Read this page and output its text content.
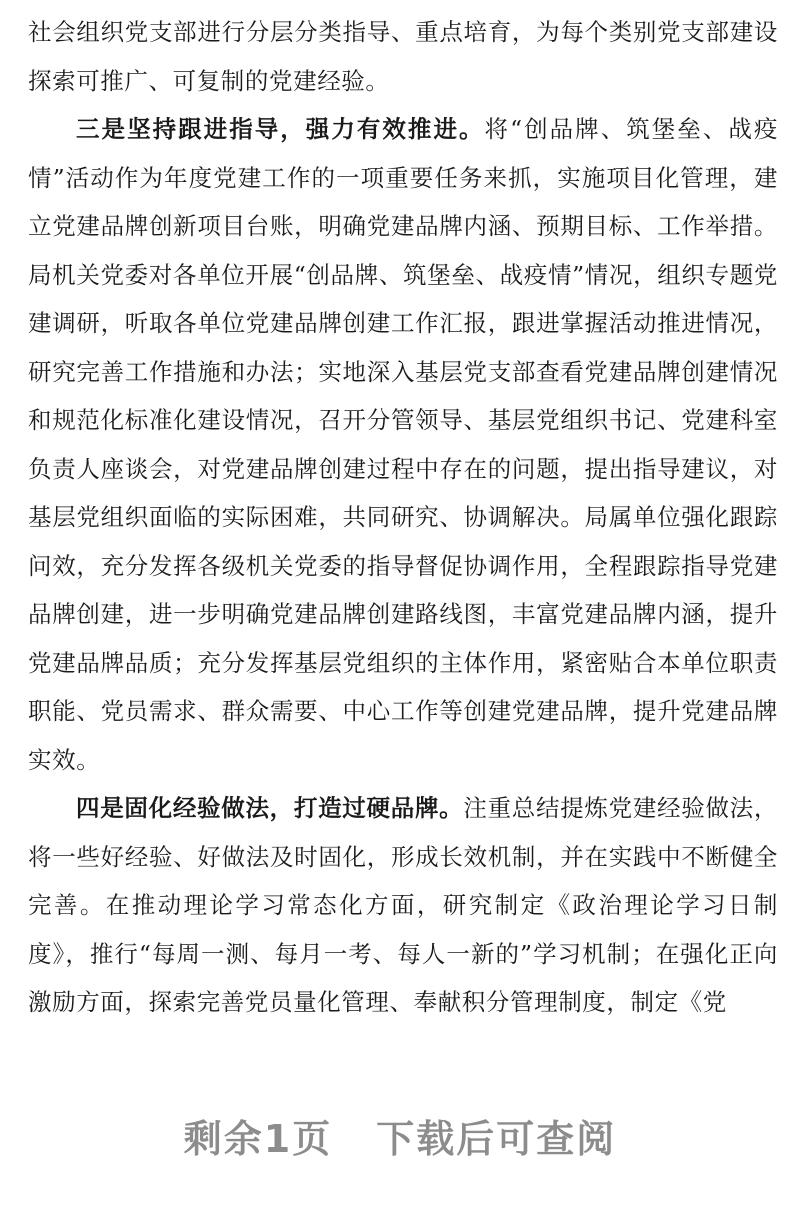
社会组织党支部进行分层分类指导、重点培育，为每个类别党支部建设探索可推广、可复制的党建经验。

三是坚持跟进指导，强力有效推进。将“创品牌、筑堡垒、战疫情”活动作为年度党建工作的一项重要任务来抓，实施项目化管理，建立党建品牌创新项目台账，明确党建品牌内涵、预期目标、工作举措。局机关党委对各单位开展“创品牌、筑堡垒、战疫情”情况，组织专题党建调研，听取各单位党建品牌创建工作汇报，跟进掌握活动推进情况，研究完善工作措施和办法；实地深入基层党支部查看党建品牌创建情况和规范化标准化建设情况，召开分管领导、基层党组织书记、党建科室负责人座谈会，对党建品牌创建过程中存在的问题，提出指导建议，对基层党组织面临的实际困难，共同研究、协调解决。局属单位强化跟踪问效，充分发挥各级机关党委的指导督促协调作用，全程跟踪指导党建品牌创建，进一步明确党建品牌创建路线图，丰富党建品牌内涵，提升党建品牌品质；充分发挥基层党组织的主体作用，紧密贴合本单位职责职能、党员需求、群众需要、中心工作等创建党建品牌，提升党建品牌实效。

四是固化经验做法，打造过硬品牌。注重总结提炼党建经验做法，将一些好经验、好做法及时固化，形成长效机制，并在实践中不断健全完善。在推动理论学习常态化方面，研究制定《政治理论学习日制度》，推行“每周一测、每月一考、每人一新的”学习机制；在强化正向激励方面，探索完善党员量化管理、奉献积分管理制度，制定《党

剩余1页 下载后可查阅
